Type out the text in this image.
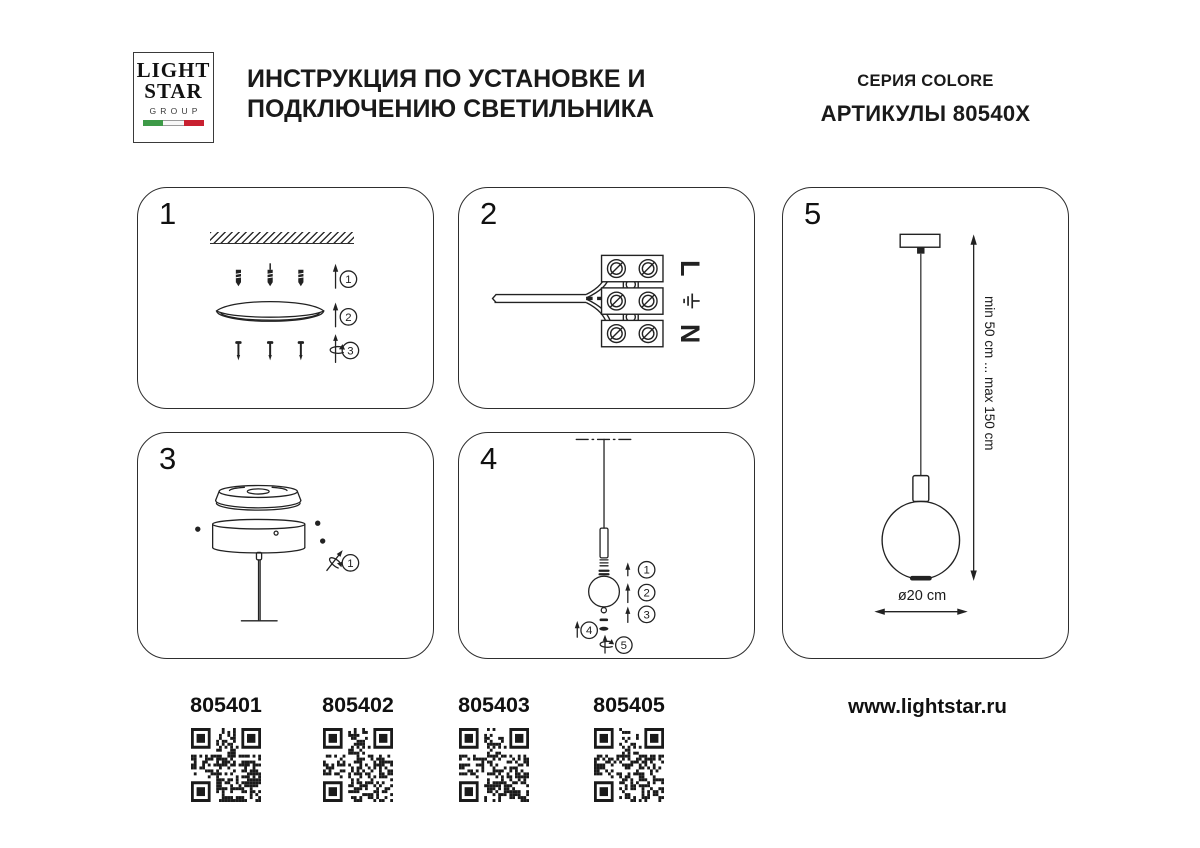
LIGHT
STAR
GROUP
ИНСТРУКЦИЯ ПО УСТАНОВКЕ И
ПОДКЛЮЧЕНИЮ СВЕТИЛЬНИКА
СЕРИЯ COLORE
АРТИКУЛЫ 80540X
1
1
2
3
2
L
N
3
1
4
1
2
3
4
5
5
min 50 cm ... max 150 cm
ø20 cm
805401	805402	805403	805405	www.lightstar.ru
